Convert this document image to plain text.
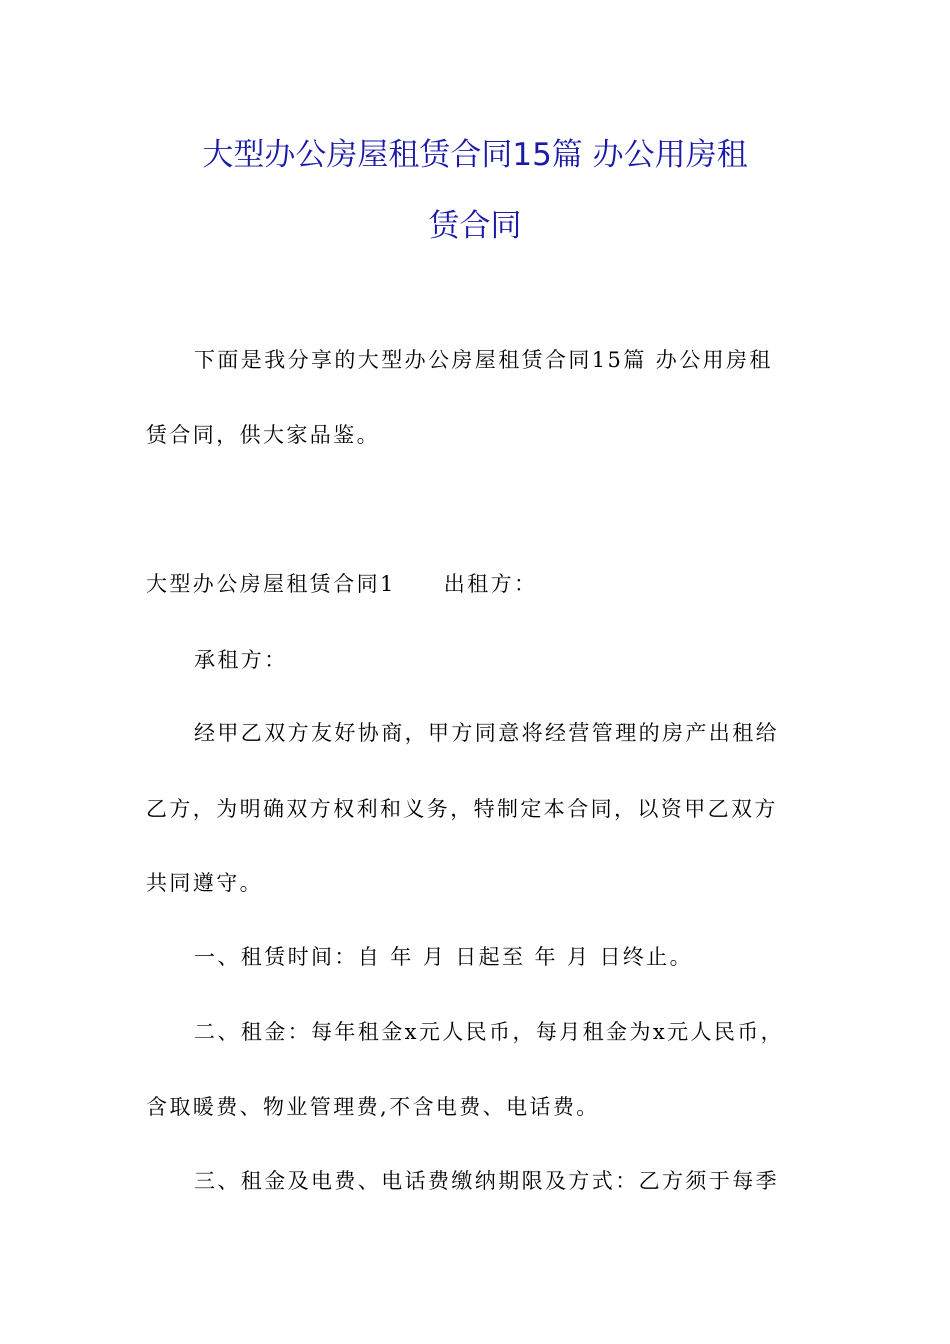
大型办公房屋租赁合同15篇 办公用房租
赁合同
下面是我分享的大型办公房屋租赁合同15篇 办公用房租
赁合同，供大家品鉴。
大型办公房屋租赁合同1 出租方：
承租方：
经甲乙双方友好协商，甲方同意将经营管理的房产出租给
乙方，为明确双方权利和义务，特制定本合同，以资甲乙双方
共同遵守。
一、租赁时间：自 年 月 日起至 年 月 日终止。
二、租金：每年租金x元人民币，每月租金为x元人民币，
含取暖费、物业管理费,不含电费、电话费。
三、租金及电费、电话费缴纳期限及方式：乙方须于每季
